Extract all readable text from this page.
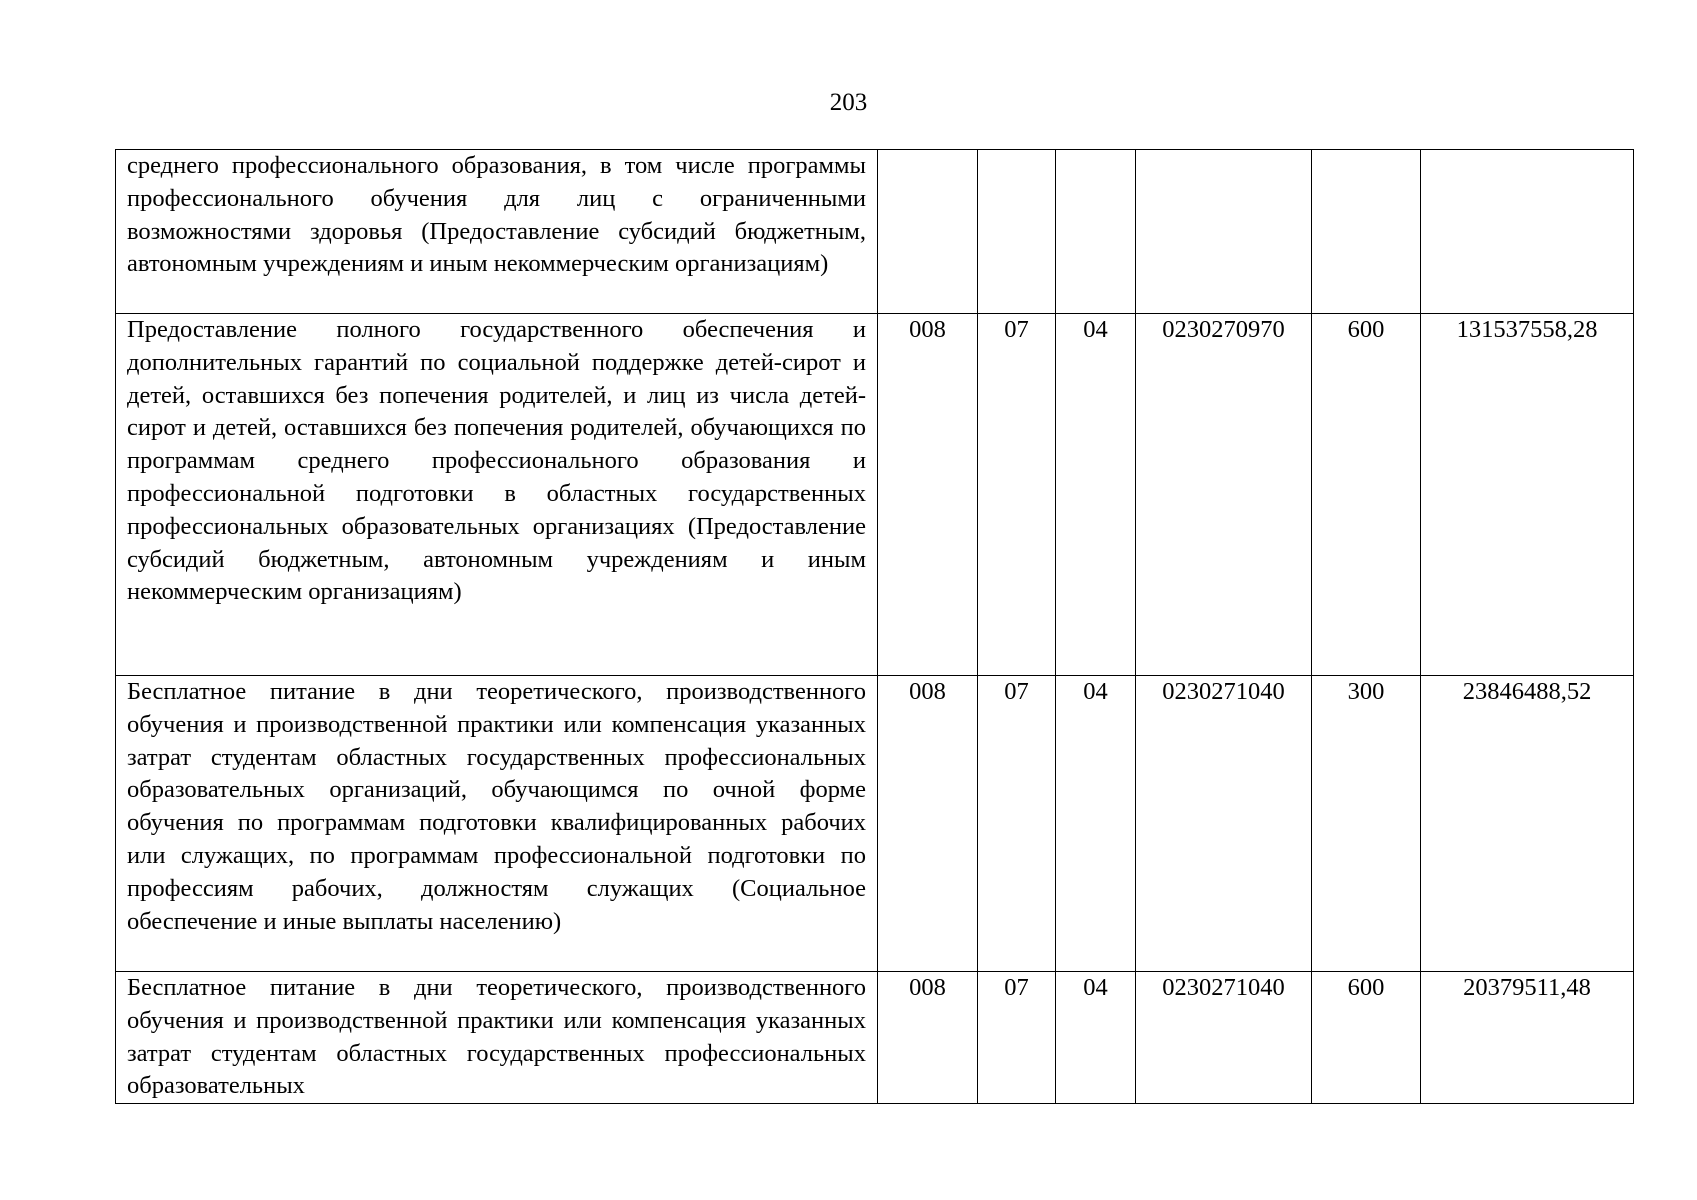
203
среднего профессионального образования, в том числе программы профессионального обучения для лиц с ограниченными возможностями здоровья (Предоставление субсидий бюджетным, автономным учреждениям и иным некоммерческим организациям)						
Предоставление полного государственного обеспечения и дополнительных гарантий по социальной поддержке детей-сирот и детей, оставшихся без попечения родителей, и лиц из числа детей-сирот и детей, оставшихся без попечения родителей, обучающихся по программам среднего профессионального образования и профессиональной подготовки в областных государственных профессиональных образовательных организациях (Предоставление субсидий бюджетным, автономным учреждениям и иным некоммерческим организациям)	008	07	04	0230270970	600	131537558,28
Бесплатное питание в дни теоретического, производственного обучения и производственной практики или компенсация указанных затрат студентам областных государственных профессиональных образовательных организаций, обучающимся по очной форме обучения по программам подготовки квалифицированных рабочих или служащих, по программам профессиональной подготовки по профессиям рабочих, должностям служащих (Социальное обеспечение и иные выплаты населению)	008	07	04	0230271040	300	23846488,52
Бесплатное питание в дни теоретического, производственного обучения и производственной практики или компенсация указанных затрат студентам областных государственных профессиональных образовательных	008	07	04	0230271040	600	20379511,48
